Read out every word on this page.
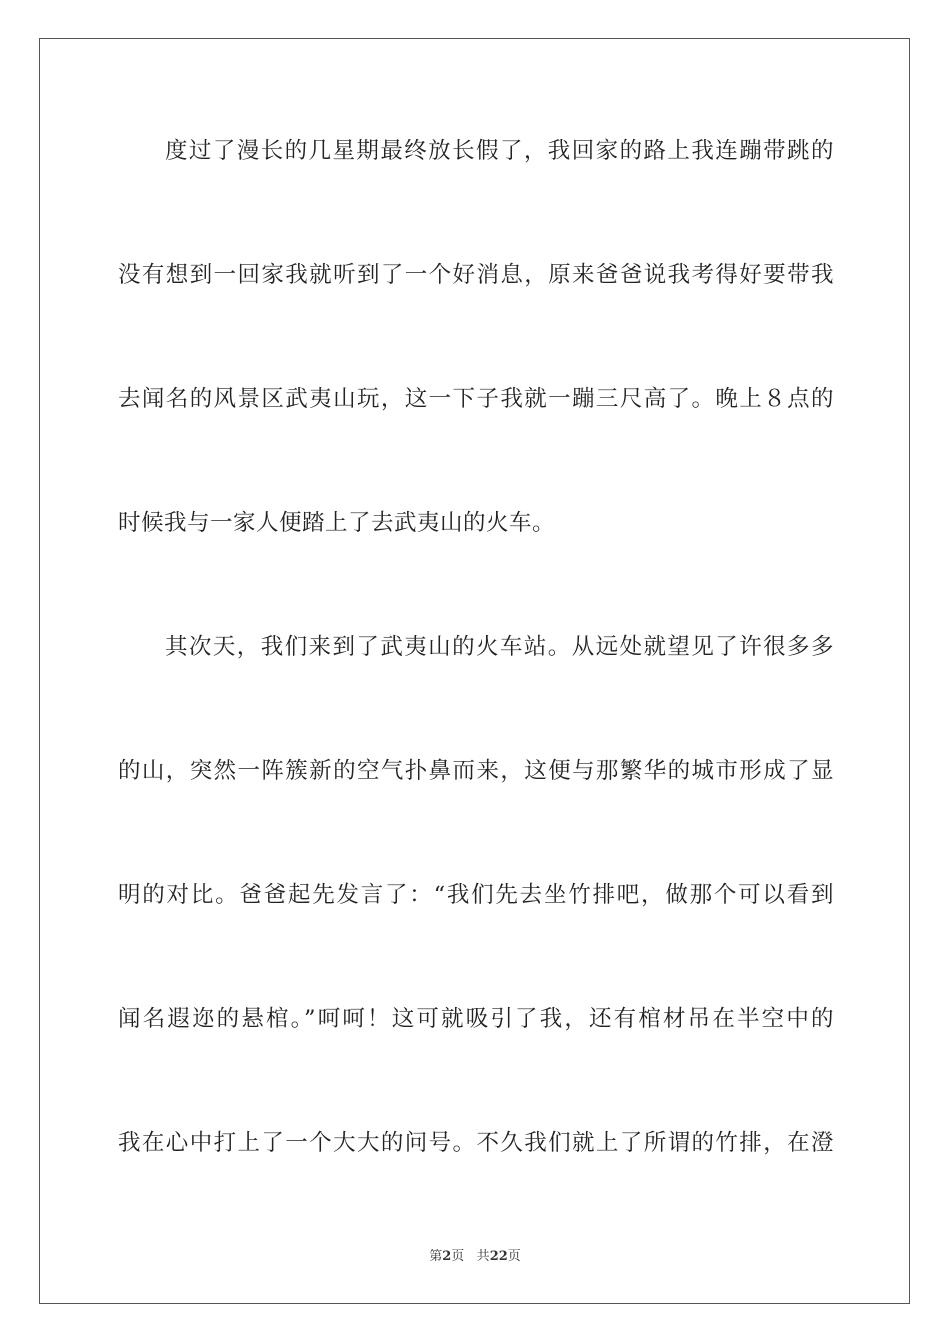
度过了漫长的几星期最终放长假了，我回家的路上我连蹦带跳的
没有想到一回家我就听到了一个好消息，原来爸爸说我考得好要带我
去闻名的风景区武夷山玩，这一下子我就一蹦三尺高了。晚上８点的
时候我与一家人便踏上了去武夷山的火车。
其次天，我们来到了武夷山的火车站。从远处就望见了许很多多
的山，突然一阵簇新的空气扑鼻而来，这便与那繁华的城市形成了显
明的对比。爸爸起先发言了：“我们先去坐竹排吧，做那个可以看到
闻名遐迩的悬棺。”呵呵！这可就吸引了我，还有棺材吊在半空中的
我在心中打上了一个大大的问号。不久我们就上了所谓的竹排，在澄
第2页 共22页
